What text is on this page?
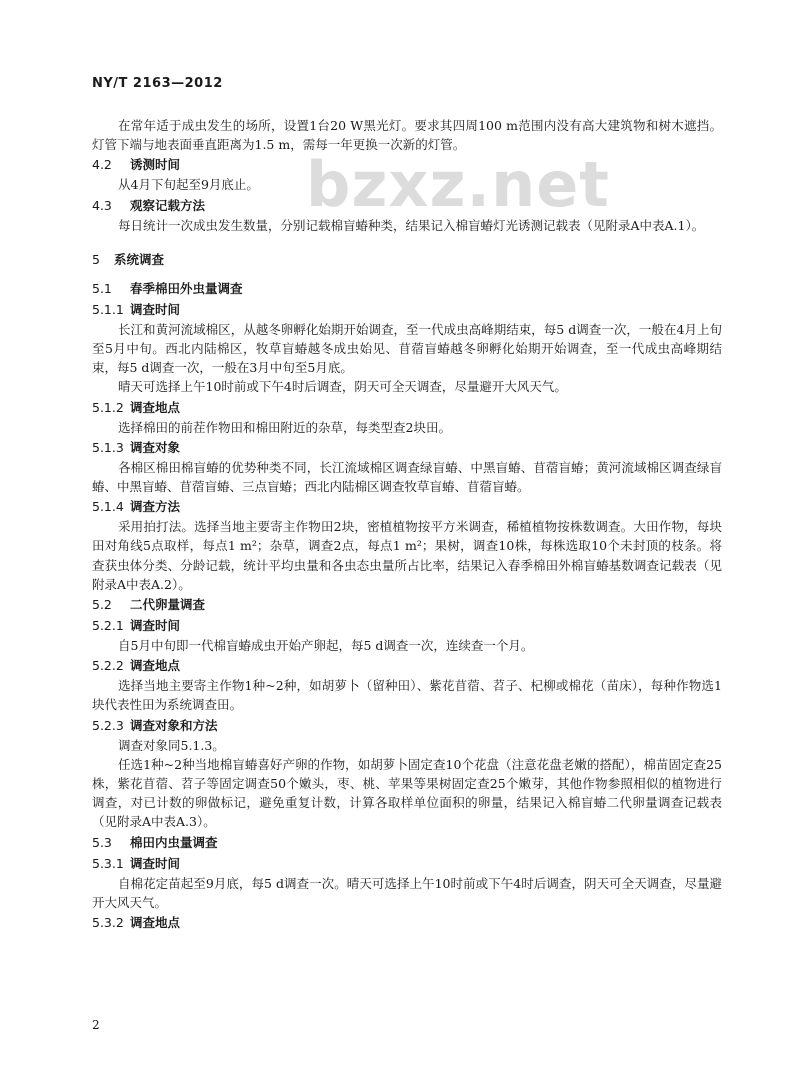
NY/T 2163—2012
bzxz.net

在常年适于成虫发生的场所，设置1台20 W黑光灯。要求其四周100 m范围内没有高大建筑物和树木遮挡。灯管下端与地表面垂直距离为1.5 m，需每一年更换一次新的灯管。

4.2 诱测时间

从4月下旬起至9月底止。

4.3 观察记载方法

每日统计一次成虫发生数量，分别记载棉盲蝽种类，结果记入棉盲蝽灯光诱测记载表（见附录A中表A.1）。

5 系统调查
5.1 春季棉田外虫量调查
5.1.1 调查时间

长江和黄河流域棉区，从越冬卵孵化始期开始调查，至一代成虫高峰期结束，每5 d调查一次，一般在4月上旬至5月中旬。西北内陆棉区，牧草盲蝽越冬成虫始见、苜蓿盲蝽越冬卵孵化始期开始调查，至一代成虫高峰期结束，每5 d调查一次，一般在3月中旬至5月底。

晴天可选择上午10时前或下午4时后调查，阴天可全天调查，尽量避开大风天气。

5.1.2 调查地点

选择棉田的前茬作物田和棉田附近的杂草，每类型查2块田。

5.1.3 调查对象

各棉区棉田棉盲蝽的优势种类不同，长江流域棉区调查绿盲蝽、中黑盲蝽、苜蓿盲蝽；黄河流域棉区调查绿盲蝽、中黑盲蝽、苜蓿盲蝽、三点盲蝽；西北内陆棉区调查牧草盲蝽、苜蓿盲蝽。

5.1.4 调查方法

采用拍打法。选择当地主要寄主作物田2块，密植植物按平方米调查，稀植植物按株数调查。大田作物，每块田对角线5点取样，每点1 m²；杂草，调查2点，每点1 m²；果树，调查10株，每株选取10个未封顶的枝条。将查获虫体分类、分龄记载，统计平均虫量和各虫态虫量所占比率，结果记入春季棉田外棉盲蝽基数调查记载表（见附录A中表A.2）。

5.2 二代卵量调查
5.2.1 调查时间

自5月中旬即一代棉盲蝽成虫开始产卵起，每5 d调查一次，连续查一个月。

5.2.2 调查地点

选择当地主要寄主作物1种~2种，如胡萝卜（留种田）、紫花苜蓿、苕子、杞柳或棉花（苗床），每种作物选1块代表性田为系统调查田。

5.2.3 调查对象和方法

调查对象同5.1.3。

任选1种~2种当地棉盲蝽喜好产卵的作物，如胡萝卜固定查10个花盘（注意花盘老嫩的搭配），棉苗固定查25株，紫花苜蓿、苕子等固定调查50个嫩头，枣、桃、苹果等果树固定查25个嫩芽，其他作物参照相似的植物进行调查，对已计数的卵做标记，避免重复计数，计算各取样单位面积的卵量，结果记入棉盲蝽二代卵量调查记载表（见附录A中表A.3）。

5.3 棉田内虫量调查
5.3.1 调查时间

自棉花定苗起至9月底，每5 d调查一次。晴天可选择上午10时前或下午4时后调查，阴天可全天调查，尽量避开大风天气。

5.3.2 调查地点
2
